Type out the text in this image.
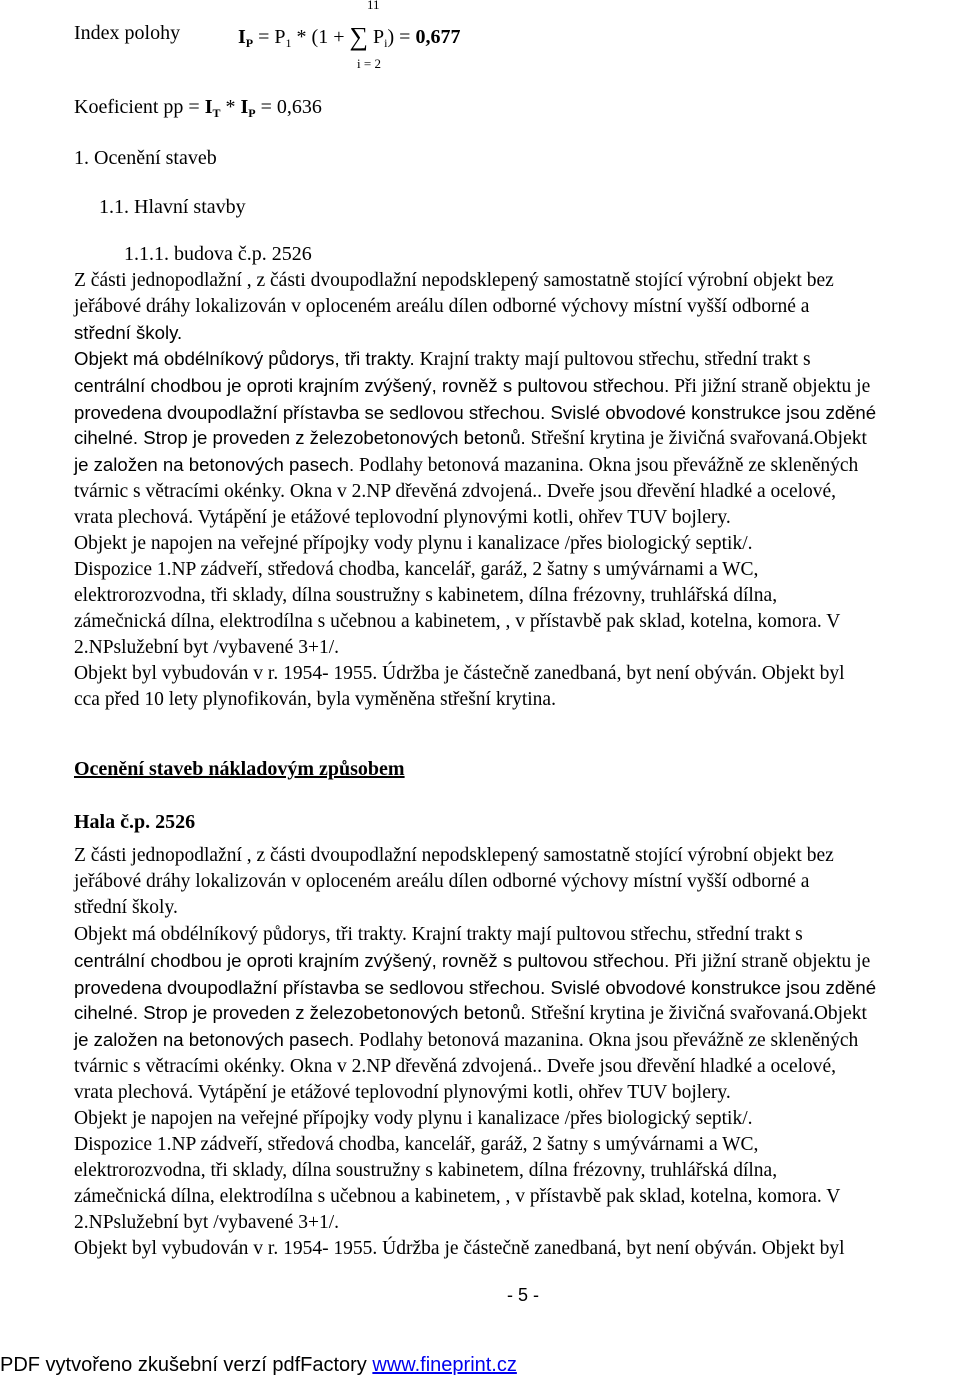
Index polohy	$I_P = P_1 * (1$ + ∑ $P_i) = 0,677$
11
i = 2
Koeficient pp = $I_T * I_P = 0,636$
1. Ocenění staveb
1.1. Hlavní stavby
1.1.1. budova č.p. 2526
Z části jednopodlažní , z části dvoupodlažní nepodsklepený samostatně stojící výrobní objekt bez
jeřábové dráhy lokalizován v oploceném areálu dílen odborné výchovy místní vyšší odborné a
střední školy.
Objekt má obdélníkový půdorys, tři trakty. Krajní trakty mají pultovou střechu, střední trakt s
centrální chodbou je oproti krajním zvýšený, rovněž s pultovou střechou. Při jižní straně objektu je
provedena dvoupodlažní přístavba se sedlovou střechou. Svislé obvodové konstrukce jsou zděné
cihelné. Strop je proveden z železobetonových betonů. Střešní krytina je živičná svařovaná.Objekt
je založen na betonových pasech. Podlahy betonová mazanina. Okna jsou převážně ze skleněných
tvárnic s větracími okénky. Okna v 2.NP dřevěná zdvojená.. Dveře jsou dřevění hladké a ocelové,
vrata plechová. Vytápění je etážové teplovodní plynovými kotli, ohřev TUV bojlery.
Objekt je napojen na veřejné přípojky vody plynu i kanalizace /přes biologický septik/.
Dispozice 1.NP zádveří, středová chodba, kancelář, garáž, 2 šatny s umývárnami a WC,
elektrorozvodna, tři sklady, dílna soustružny s kabinetem, dílna frézovny, truhlářská dílna,
zámečnická dílna, elektrodílna s učebnou a kabinetem, , v přístavbě pak sklad, kotelna, komora. V
2.NPslužební byt /vybavené 3+1/.
Objekt byl vybudován v r. 1954- 1955. Údržba je částečně zanedbaná, byt není obýván. Objekt byl
cca před 10 lety plynofikován, byla vyměněna střešní krytina.
Ocenění staveb nákladovým způsobem
Hala č.p. 2526
Z části jednopodlažní , z části dvoupodlažní nepodsklepený samostatně stojící výrobní objekt bez
jeřábové dráhy lokalizován v oploceném areálu dílen odborné výchovy místní vyšší odborné a
střední školy.
Objekt má obdélníkový půdorys, tři trakty. Krajní trakty mají pultovou střechu, střední trakt s
centrální chodbou je oproti krajním zvýšený, rovněž s pultovou střechou. Při jižní straně objektu je
provedena dvoupodlažní přístavba se sedlovou střechou. Svislé obvodové konstrukce jsou zděné
cihelné. Strop je proveden z železobetonových betonů. Střešní krytina je živičná svařovaná.Objekt
je založen na betonových pasech. Podlahy betonová mazanina. Okna jsou převážně ze skleněných
tvárnic s větracími okénky. Okna v 2.NP dřevěná zdvojená.. Dveře jsou dřevění hladké a ocelové,
vrata plechová. Vytápění je etážové teplovodní plynovými kotli, ohřev TUV bojlery.
Objekt je napojen na veřejné přípojky vody plynu i kanalizace /přes biologický septik/.
Dispozice 1.NP zádveří, středová chodba, kancelář, garáž, 2 šatny s umývárnami a WC,
elektrorozvodna, tři sklady, dílna soustružny s kabinetem, dílna frézovny, truhlářská dílna,
zámečnická dílna, elektrodílna s učebnou a kabinetem, , v přístavbě pak sklad, kotelna, komora. V
2.NPslužební byt /vybavené 3+1/.
Objekt byl vybudován v r. 1954- 1955. Údržba je částečně zanedbaná, byt není obýván. Objekt byl
- 5 -
PDF vytvořeno zkušební verzí pdfFactory www.fineprint.cz
